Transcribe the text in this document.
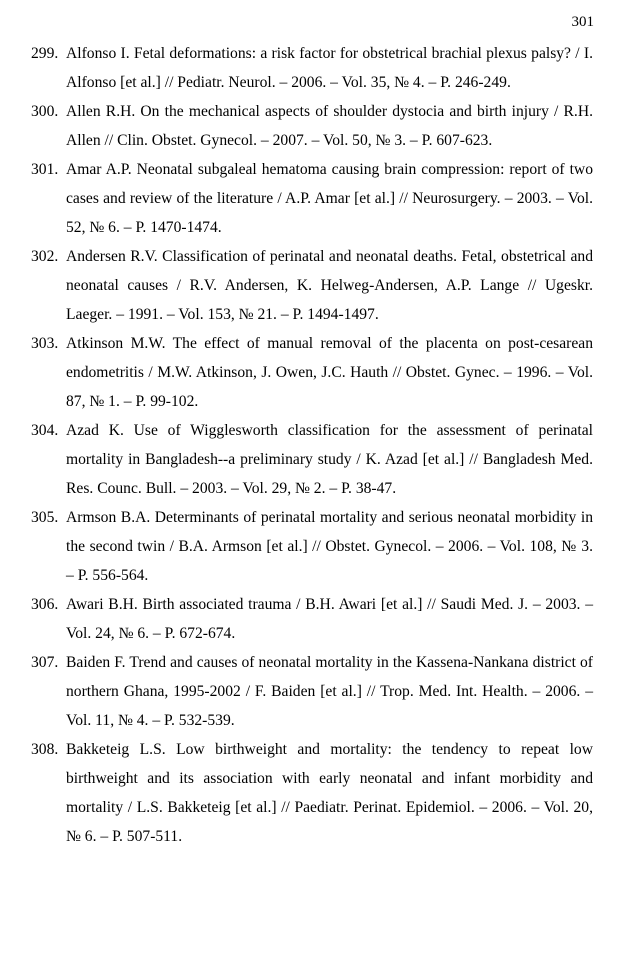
301
299. Alfonso I. Fetal deformations: a risk factor for obstetrical brachial plexus palsy? / I. Alfonso [et al.] // Pediatr. Neurol. – 2006. – Vol. 35, № 4. – P. 246-249.
300. Allen R.H. On the mechanical aspects of shoulder dystocia and birth injury / R.H. Allen // Clin. Obstet. Gynecol. – 2007. – Vol. 50, № 3. – P. 607-623.
301. Amar A.P. Neonatal subgaleal hematoma causing brain compression: report of two cases and review of the literature / A.P. Amar [et al.] // Neurosurgery. – 2003. – Vol. 52, № 6. – P. 1470-1474.
302. Andersen R.V. Classification of perinatal and neonatal deaths. Fetal, obstetrical and neonatal causes / R.V. Andersen, K. Helweg-Andersen, A.P. Lange // Ugeskr. Laeger. – 1991. – Vol. 153, № 21. – P. 1494-1497.
303. Atkinson M.W. The effect of manual removal of the placenta on post-cesarean endometritis / M.W. Atkinson, J. Owen, J.C. Hauth // Obstet. Gynec. – 1996. – Vol. 87, № 1. – P. 99-102.
304. Azad K. Use of Wigglesworth classification for the assessment of perinatal mortality in Bangladesh--a preliminary study / K. Azad [et al.] // Bangladesh Med. Res. Counc. Bull. – 2003. – Vol. 29, № 2. – P. 38-47.
305. Armson B.A. Determinants of perinatal mortality and serious neonatal morbidity in the second twin / B.A. Armson [et al.] // Obstet. Gynecol. – 2006. – Vol. 108, № 3. – P. 556-564.
306. Awari B.H. Birth associated trauma / B.H. Awari [et al.] // Saudi Med. J. – 2003. – Vol. 24, № 6. – P. 672-674.
307. Baiden F. Trend and causes of neonatal mortality in the Kassena-Nankana district of northern Ghana, 1995-2002 / F. Baiden [et al.] // Trop. Med. Int. Health. – 2006. – Vol. 11, № 4. – P. 532-539.
308. Bakketeig L.S. Low birthweight and mortality: the tendency to repeat low birthweight and its association with early neonatal and infant morbidity and mortality / L.S. Bakketeig [et al.] // Paediatr. Perinat. Epidemiol. – 2006. – Vol. 20, № 6. – P. 507-511.
